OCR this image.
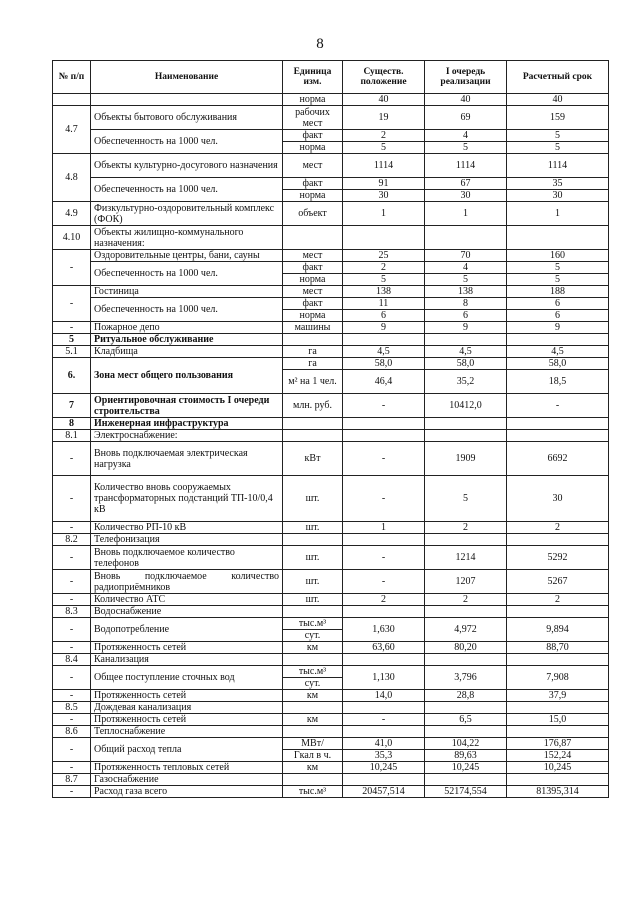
8
№ п/п	Наименование	Единица изм.	Существ. положение	I очередь реализации	Расчетный срок
		норма	40	40	40
4.7	Объекты бытового обслуживания	рабочих мест	19	69	159
	Обеспеченность на 1000 чел.	факт	2	4	5
		норма	5	5	5
4.8	Объекты культурно-досугового назначения	мест	1114	1114	1114
	Обеспеченность на 1000 чел.	факт	91	67	35
		норма	30	30	30
4.9	Физкультурно-оздоровительный комплекс (ФОК)	объект	1	1	1
4.10	Объекты жилищно-коммунального назначения:				
-	Оздоровительные центры, бани, сауны	мест	25	70	160
	Обеспеченность на 1000 чел.	факт	2	4	5
		норма	5	5	5
-	Гостиница	мест	138	138	188
	Обеспеченность на 1000 чел.	факт	11	8	6
		норма	6	6	6
-	Пожарное депо	машины	9	9	9
5	Ритуальное обслуживание				
5.1	Кладбища	га	4,5	4,5	4,5
6.	Зона мест общего пользования	га	58,0	58,0	58,0
		м² на 1 чел.	46,4	35,2	18,5
7	Ориентировочная стоимость I очереди строительства	млн. руб.	-	10412,0	-
8	Инженерная инфраструктура				
8.1	Электроснабжение:				
-	Вновь подключаемая электрическая нагрузка	кВт	-	1909	6692
-	Количество вновь сооружаемых трансформаторных подстанций ТП-10/0,4 кВ	шт.	-	5	30
-	Количество РП-10 кВ	шт.	1	2	2
8.2	Телефонизация				
-	Вновь подключаемое количество телефонов	шт.	-	1214	5292
-	Вновь подключаемое количество радиоприёмников	шт.	-	1207	5267
-	Количество АТС	шт.	2	2	2
8.3	Водоснабжение				
-	Водопотребление	тыс.м³	1,630	4,972	9,894
		сут.			
-	Протяженность сетей	км	63,60	80,20	88,70
8.4	Канализация				
-	Общее поступление сточных вод	тыс.м³	1,130	3,796	7,908
		сут.			
-	Протяженность сетей	км	14,0	28,8	37,9
8.5	Дождевая канализация				
-	Протяженность сетей	км	-	6,5	15,0
8.6	Теплоснабжение				
-	Общий расход тепла	МВт/	41,0	104,22	176,87
		Гкал в ч.	35,3	89,63	152,24
-	Протяженность тепловых сетей	км	10,245	10,245	10,245
8.7	Газоснабжение				
-	Расход газа всего	тыс.м³	20457,514	52174,554	81395,314
